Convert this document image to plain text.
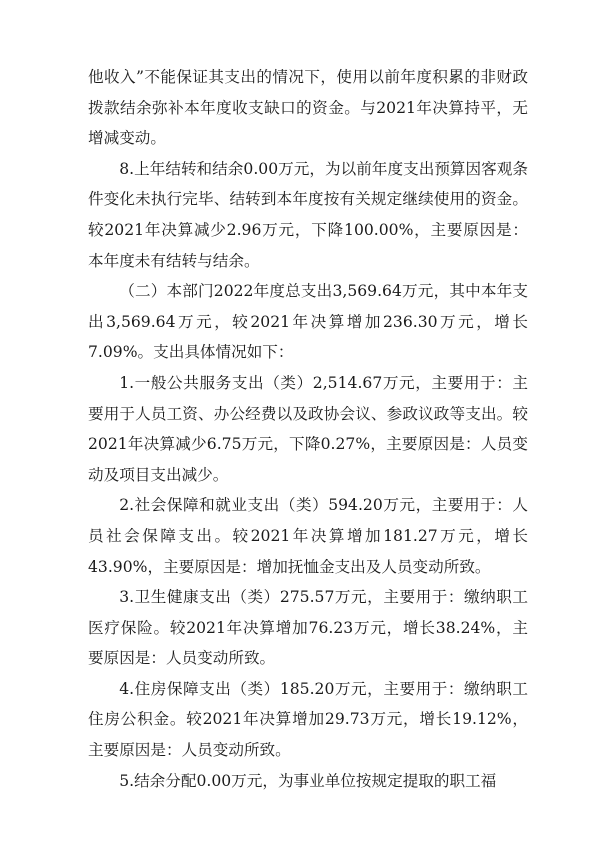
他收入”不能保证其支出的情况下，使用以前年度积累的非财政拨款结余弥补本年度收支缺口的资金。与2021年决算持平，无增减变动。

8.上年结转和结余0.00万元，为以前年度支出预算因客观条件变化未执行完毕、结转到本年度按有关规定继续使用的资金。较2021年决算减少2.96万元，下降100.00%，主要原因是：本年度未有结转与结余。

（二）本部门2022年度总支出3,569.64万元，其中本年支出3,569.64万元，较2021年决算增加236.30万元，增长7.09%。支出具体情况如下：

1.一般公共服务支出（类）2,514.67万元，主要用于：主要用于人员工资、办公经费以及政协会议、参政议政等支出。较2021年决算减少6.75万元，下降0.27%，主要原因是：人员变动及项目支出减少。

2.社会保障和就业支出（类）594.20万元，主要用于：人员社会保障支出。较2021年决算增加181.27万元，增长43.90%，主要原因是：增加抚恤金支出及人员变动所致。

3.卫生健康支出（类）275.57万元，主要用于：缴纳职工医疗保险。较2021年决算增加76.23万元，增长38.24%，主要原因是：人员变动所致。

4.住房保障支出（类）185.20万元，主要用于：缴纳职工住房公积金。较2021年决算增加29.73万元，增长19.12%，主要原因是：人员变动所致。

5.结余分配0.00万元，为事业单位按规定提取的职工福
